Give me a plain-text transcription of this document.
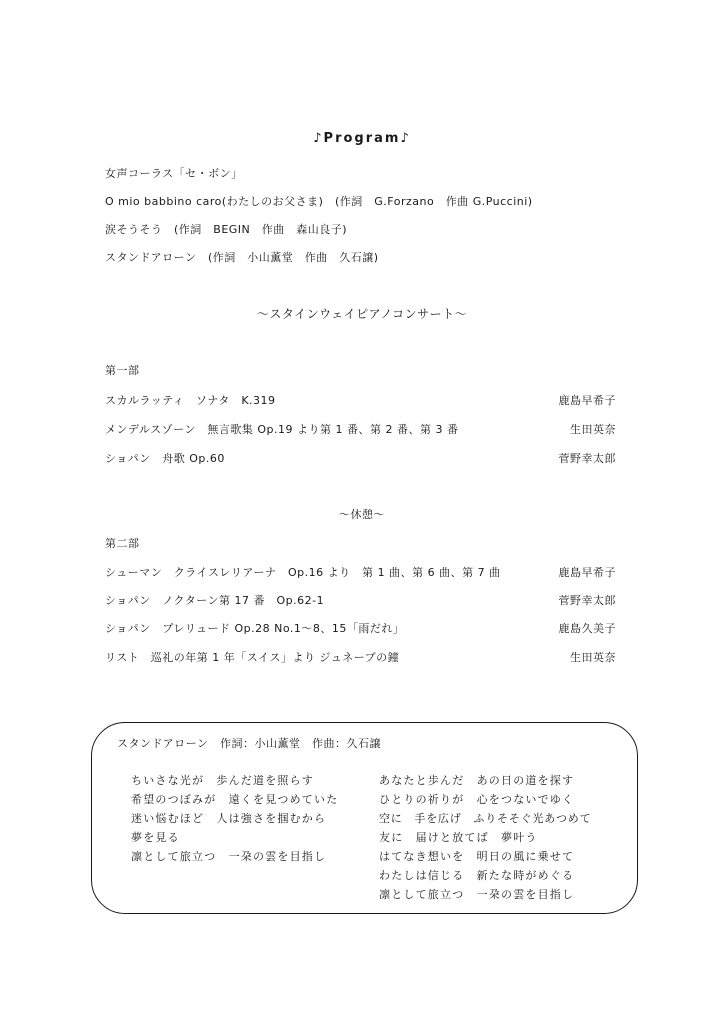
♪Program♪
女声コーラス「セ・ボン」
O mio babbino caro(わたしのお父さま)　(作詞　G.Forzano　作曲 G.Puccini)
涙そうそう　(作詞　BEGIN　作曲　森山良子)
スタンドアローン　(作詞　小山薫堂　作曲　久石譲)
～スタインウェイピアノコンサート～
第一部
スカルラッティ　ソナタ　K.319	鹿島早希子
メンデルスゾーン　無言歌集 Op.19 より第 1 番、第 2 番、第 3 番	生田英奈
ショパン　舟歌 Op.60	菅野幸太郎
～休憩～
第二部
シューマン　クライスレリアーナ　Op.16 より　第 1 曲、第 6 曲、第 7 曲	鹿島早希子
ショパン　ノクターン第 17 番　Op.62-1	菅野幸太郎
ショパン　プレリュード Op.28 No.1～8、15「雨だれ」	鹿島久美子
リスト　巡礼の年第 1 年「スイス」より ジュネーブの鐘	生田英奈
スタンドアローン　作詞：小山薫堂　作曲：久石譲
ちいさな光が　歩んだ道を照らす
希望のつぼみが　遠くを見つめていた
迷い悩むほど　人は強さを掴むから
夢を見る
凛として旅立つ　一朶の雲を目指し
あなたと歩んだ　あの日の道を探す
ひとりの祈りが　心をつないでゆく
空に　手を広げ　ふりそそぐ光あつめて
友に　届けと放てば　夢叶う
はてなき想いを　明日の風に乗せて
わたしは信じる　新たな時がめぐる
凛として旅立つ　一朶の雲を目指し
